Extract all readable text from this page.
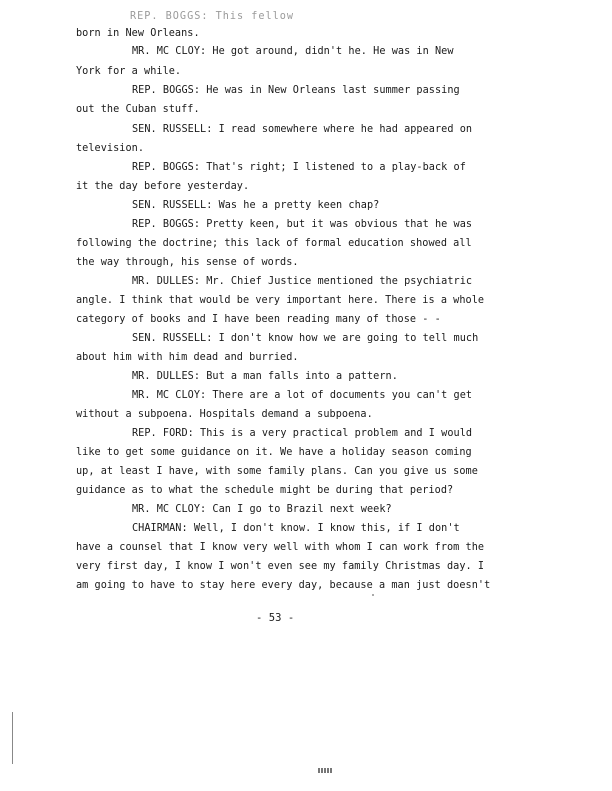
REP. BOGGS: This fellow
born in New Orleans.
MR. MC CLOY: He got around, didn't he. He was in New
York for a while.
REP. BOGGS: He was in New Orleans last summer passing
out the Cuban stuff.
SEN. RUSSELL: I read somewhere where he had appeared on
television.
REP. BOGGS: That's right; I listened to a play-back of
it the day before yesterday.
SEN. RUSSELL: Was he a pretty keen chap?
REP. BOGGS: Pretty keen, but it was obvious that he was
following the doctrine; this lack of formal education showed all
the way through, his sense of words.
MR. DULLES: Mr. Chief Justice mentioned the psychiatric
angle. I think that would be very important here. There is a whole
category of books and I have been reading many of those - -
SEN. RUSSELL: I don't know how we are going to tell much
about him with him dead and burried.
MR. DULLES: But a man falls into a pattern.
MR. MC CLOY: There are a lot of documents you can't get
without a subpoena. Hospitals demand a subpoena.
REP. FORD: This is a very practical problem and I would
like to get some guidance on it. We have a holiday season coming
up, at least I have, with some family plans. Can you give us some
guidance as to what the schedule might be during that period?
MR. MC CLOY: Can I go to Brazil next week?
CHAIRMAN: Well, I don't know. I know this, if I don't
have a counsel that I know very well with whom I can work from the
very first day, I know I won't even see my family Christmas day. I
am going to have to stay here every day, because a man just doesn't
- 53 -
